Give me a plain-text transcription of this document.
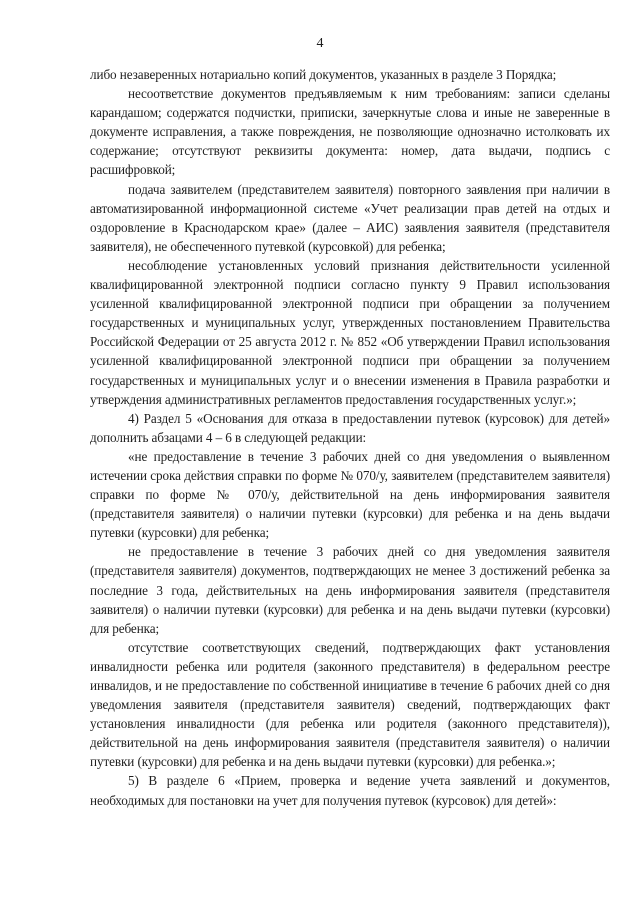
4

либо незаверенных нотариально копий документов, указанных в разделе 3 Порядка;

несоответствие документов предъявляемым к ним требованиям: записи сделаны карандашом; содержатся подчистки, приписки, зачеркнутые слова и иные не заверенные в документе исправления, а также повреждения, не позволяющие однозначно истолковать их содержание; отсутствуют реквизиты документа: номер, дата выдачи, подпись с расшифровкой;

подача заявителем (представителем заявителя) повторного заявления при наличии в автоматизированной информационной системе «Учет реализации прав детей на отдых и оздоровление в Краснодарском крае» (далее – АИС) заявления заявителя (представителя заявителя), не обеспеченного путевкой (курсовкой) для ребенка;

несоблюдение установленных условий признания действительности усиленной квалифицированной электронной подписи согласно пункту 9 Правил использования усиленной квалифицированной электронной подписи при обращении за получением государственных и муниципальных услуг, утвержденных постановлением Правительства Российской Федерации от 25 августа 2012 г. № 852 «Об утверждении Правил использования усиленной квалифицированной электронной подписи при обращении за получением государственных и муниципальных услуг и о внесении изменения в Правила разработки и утверждения административных регламентов предоставления государственных услуг.»;

4) Раздел 5 «Основания для отказа в предоставлении путевок (курсовок) для детей» дополнить абзацами 4 – 6 в следующей редакции:

«не предоставление в течение 3 рабочих дней со дня уведомления о выявленном истечении срока действия справки по форме № 070/у, заявителем (представителем заявителя) справки по форме № 070/у, действительной на день информирования заявителя (представителя заявителя) о наличии путевки (курсовки) для ребенка и на день выдачи путевки (курсовки) для ребенка;

не предоставление в течение 3 рабочих дней со дня уведомления заявителя (представителя заявителя) документов, подтверждающих не менее 3 достижений ребенка за последние 3 года, действительных на день информирования заявителя (представителя заявителя) о наличии путевки (курсовки) для ребенка и на день выдачи путевки (курсовки) для ребенка;

отсутствие соответствующих сведений, подтверждающих факт установления инвалидности ребенка или родителя (законного представителя) в федеральном реестре инвалидов, и не предоставление по собственной инициативе в течение 6 рабочих дней со дня уведомления заявителя (представителя заявителя) сведений, подтверждающих факт установления инвалидности (для ребенка или родителя (законного представителя)), действительной на день информирования заявителя (представителя заявителя) о наличии путевки (курсовки) для ребенка и на день выдачи путевки (курсовки) для ребенка.»;

5) В разделе 6 «Прием, проверка и ведение учета заявлений и документов, необходимых для постановки на учет для получения путевок (курсовок) для детей»:
